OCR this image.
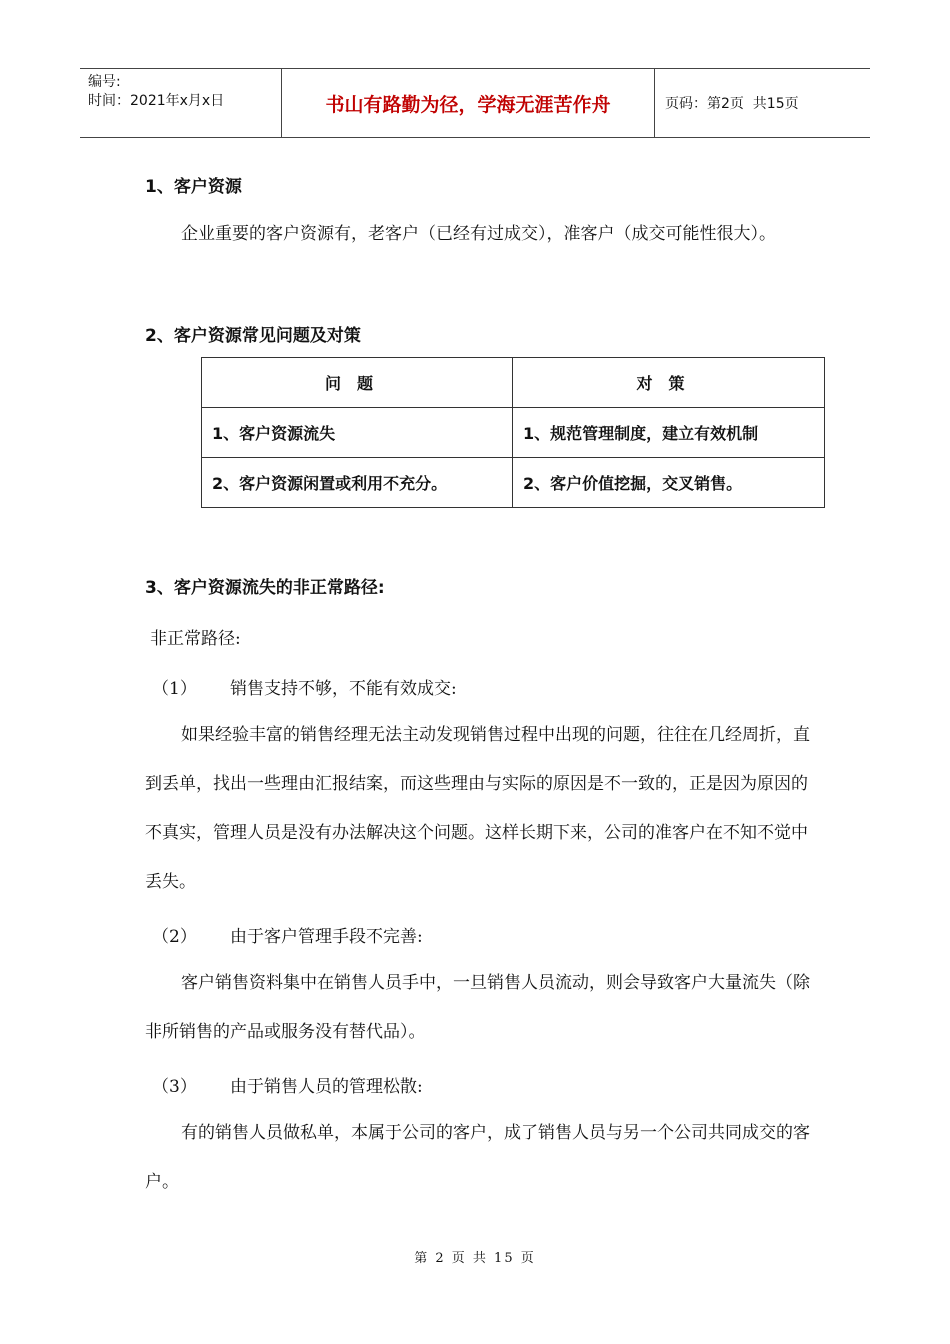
编号:
时间：2021年x月x日	书山有路勤为径，学海无涯苦作舟	页码：第2页  共15页
1、客户资源
企业重要的客户资源有，老客户（已经有过成交），准客户（成交可能性很大）。
2、客户资源常见问题及对策
问题	对策
1、客户资源流失	1、规范管理制度，建立有效机制
2、客户资源闲置或利用不充分。	2、客户价值挖掘，交叉销售。
3、客户资源流失的非正常路径:
非正常路径:
（1）	销售支持不够，不能有效成交:
如果经验丰富的销售经理无法主动发现销售过程中出现的问题，往往在几经周折，直到丢单，找出一些理由汇报结案，而这些理由与实际的原因是不一致的，正是因为原因的不真实，管理人员是没有办法解决这个问题。这样长期下来，公司的准客户在不知不觉中丢失。
（2）	由于客户管理手段不完善:
客户销售资料集中在销售人员手中，一旦销售人员流动，则会导致客户大量流失（除非所销售的产品或服务没有替代品）。
（3）	由于销售人员的管理松散:
有的销售人员做私单，本属于公司的客户，成了销售人员与另一个公司共同成交的客户。
第 2 页 共 15 页
